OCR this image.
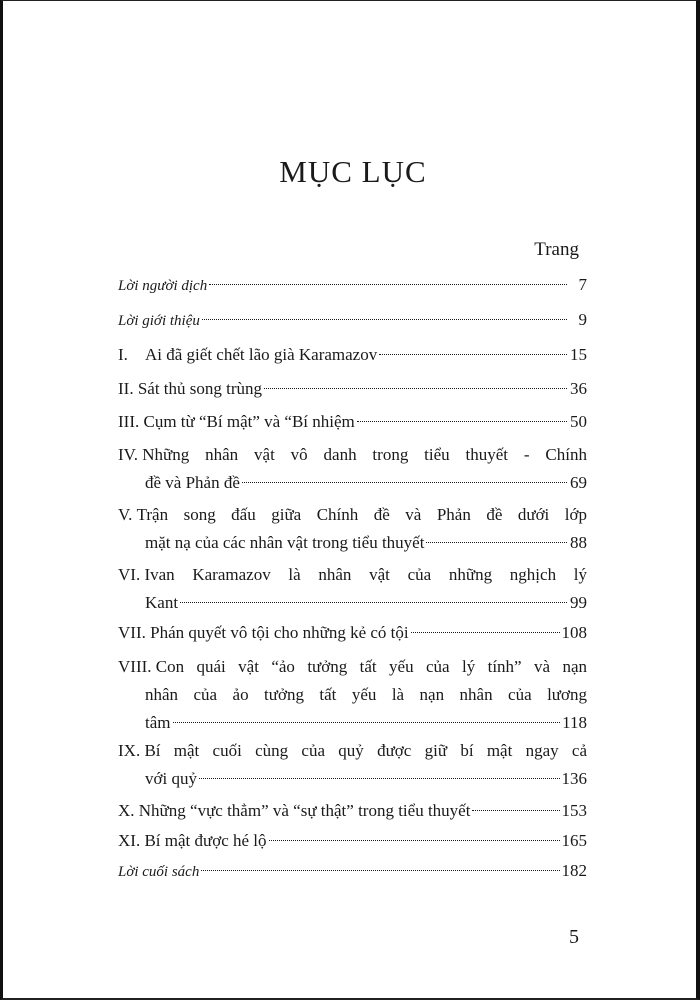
MỤC LỤC
Trang
Lời người dịch	7
Lời giới thiệu	9
I. Ai đã giết chết lão già Karamazov	15
II. Sát thủ song trùng	36
III. Cụm từ “Bí mật” và “Bí nhiệm	50
IV. Những nhân vật vô danh trong tiểu thuyết - Chính
đề và Phản đề	69
V. Trận song đấu giữa Chính đề và Phản đề dưới lớp
mặt nạ của các nhân vật trong tiểu thuyết	88
VI. Ivan Karamazov là nhân vật của những nghịch lý
Kant	99
VII. Phán quyết vô tội cho những kẻ có tội	108
VIII. Con quái vật “ảo tưởng tất yếu của lý tính” và nạn
nhân của ảo tưởng tất yếu là nạn nhân của lương
tâm	118
IX. Bí mật cuối cùng của quỷ được giữ bí mật ngay cả
với quỷ	136
X. Những “vực thẳm” và “sự thật” trong tiểu thuyết	153
XI. Bí mật được hé lộ	165
Lời cuối sách	182
5
